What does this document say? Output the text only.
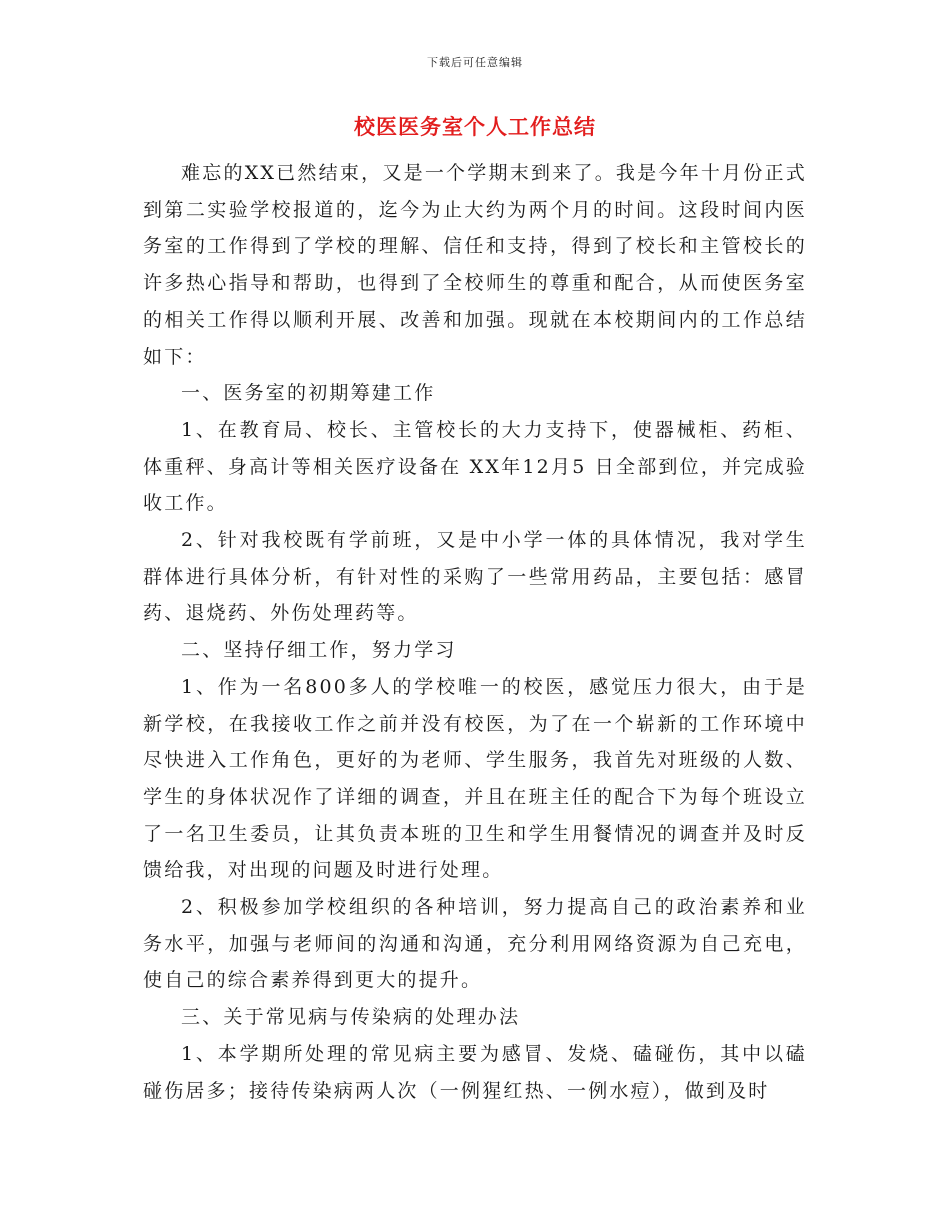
下载后可任意编辑
校医医务室个人工作总结

难忘的XX已然结束，又是一个学期末到来了。我是今年十月份正式到第二实验学校报道的，迄今为止大约为两个月的时间。这段时间内医务室的工作得到了学校的理解、信任和支持，得到了校长和主管校长的许多热心指导和帮助，也得到了全校师生的尊重和配合，从而使医务室的相关工作得以顺利开展、改善和加强。现就在本校期间内的工作总结如下：

一、医务室的初期筹建工作

1、在教育局、校长、主管校长的大力支持下，使器械柜、药柜、体重秤、身高计等相关医疗设备在 XX年12月5 日全部到位，并完成验收工作。

2、针对我校既有学前班，又是中小学一体的具体情况，我对学生群体进行具体分析，有针对性的采购了一些常用药品，主要包括：感冒药、退烧药、外伤处理药等。

二、坚持仔细工作，努力学习

1、作为一名800多人的学校唯一的校医，感觉压力很大，由于是新学校，在我接收工作之前并没有校医，为了在一个崭新的工作环境中尽快进入工作角色，更好的为老师、学生服务，我首先对班级的人数、学生的身体状况作了详细的调查，并且在班主任的配合下为每个班设立了一名卫生委员，让其负责本班的卫生和学生用餐情况的调查并及时反馈给我，对出现的问题及时进行处理。

2、积极参加学校组织的各种培训，努力提高自己的政治素养和业务水平，加强与老师间的沟通和沟通，充分利用网络资源为自己充电，使自己的综合素养得到更大的提升。

三、关于常见病与传染病的处理办法

1、本学期所处理的常见病主要为感冒、发烧、磕碰伤，其中以磕碰伤居多；接待传染病两人次（一例猩红热、一例水痘），做到及时
